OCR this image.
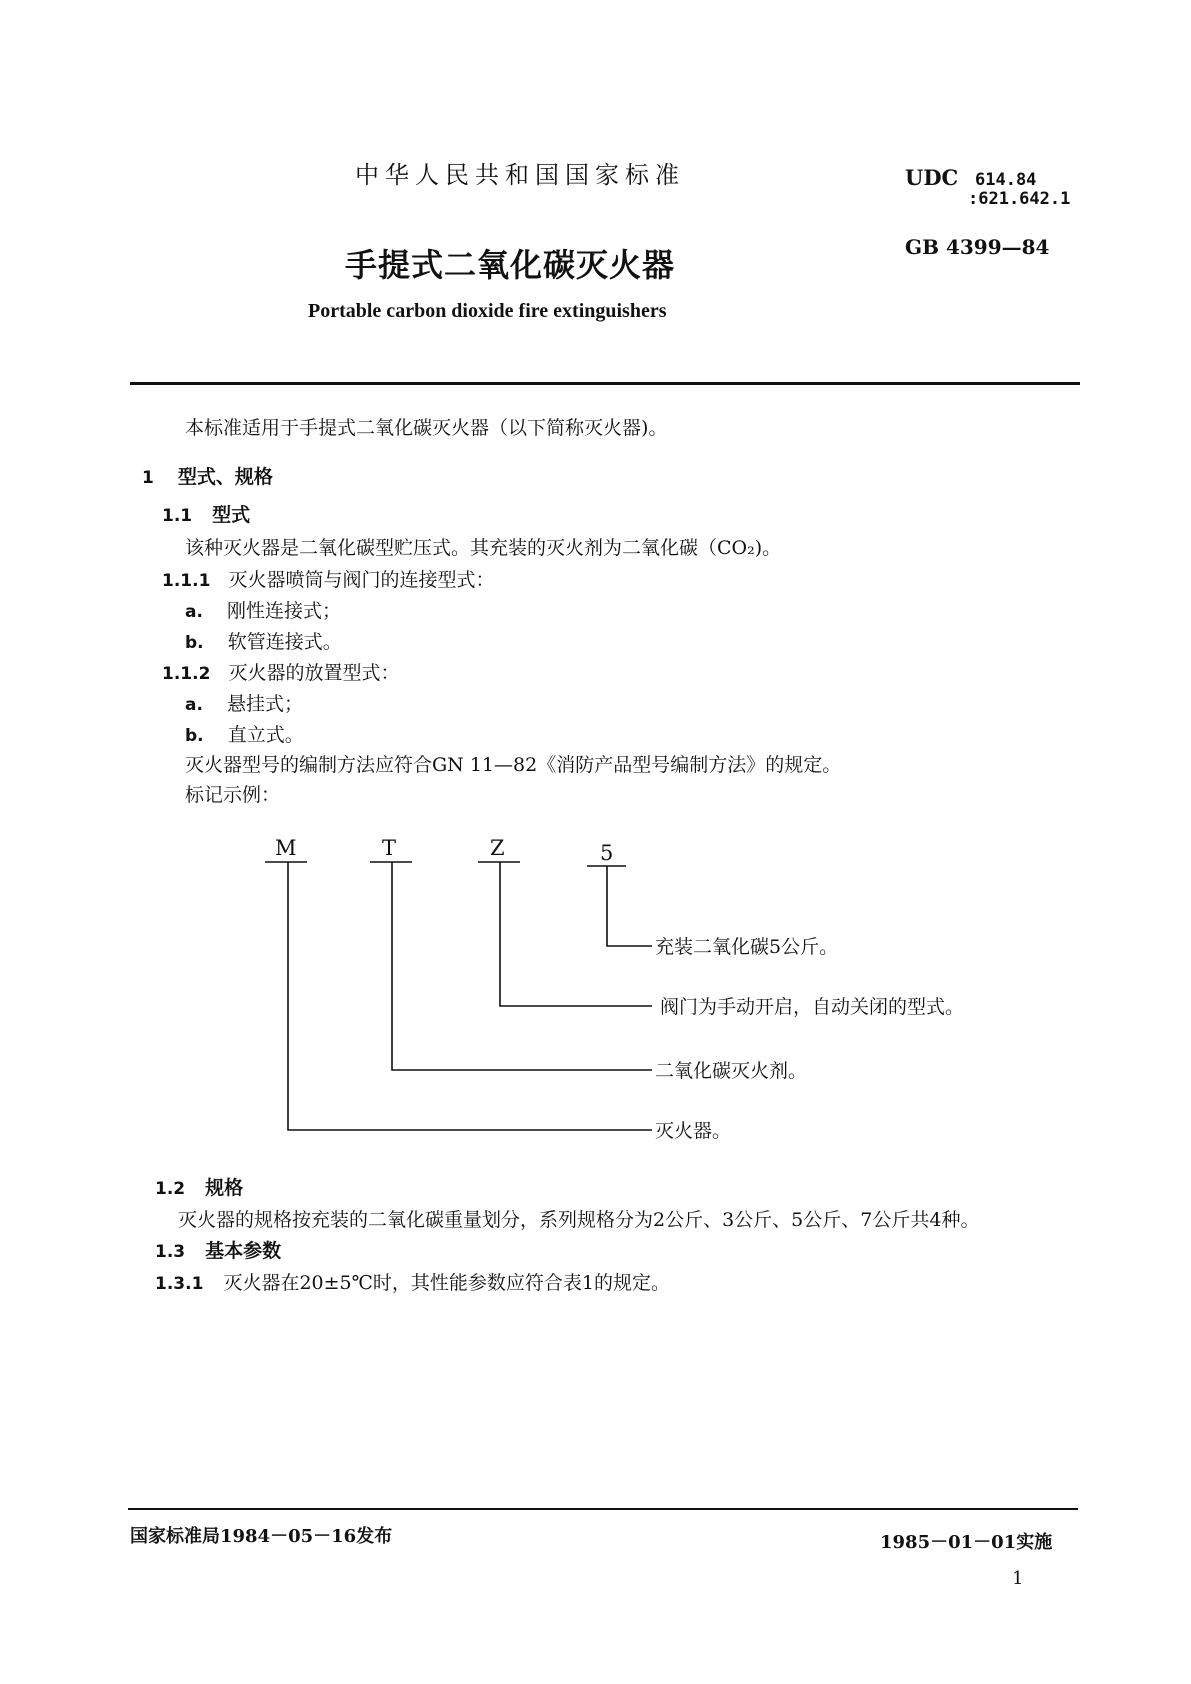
中华人民共和国国家标准	UDC 614.84
:621.642.1
手提式二氧化碳灭火器	GB 4399—84
Portable carbon dioxide fire extinguishers
本标准适用于手提式二氧化碳灭火器（以下简称灭火器)。
1 型式、规格
1.1 型式
该种灭火器是二氧化碳型贮压式。其充装的灭火剂为二氧化碳（CO₂)。
1.1.1 灭火器喷筒与阀门的连接型式：
a. 刚性连接式；
b. 软管连接式。
1.1.2 灭火器的放置型式：
a. 悬挂式；
b. 直立式。
灭火器型号的编制方法应符合GN 11—82《消防产品型号编制方法》的规定。
标记示例：
M	T	Z	5
充装二氧化碳5公斤。
阀门为手动开启，自动关闭的型式。
二氧化碳灭火剂。
灭火器。
1.2 规格
灭火器的规格按充装的二氧化碳重量划分，系列规格分为2公斤、3公斤、5公斤、7公斤共4种。
1.3 基本参数
1.3.1 灭火器在20±5℃时，其性能参数应符合表1的规定。
国家标准局1984－05－16发布	1985－01－01实施
1
